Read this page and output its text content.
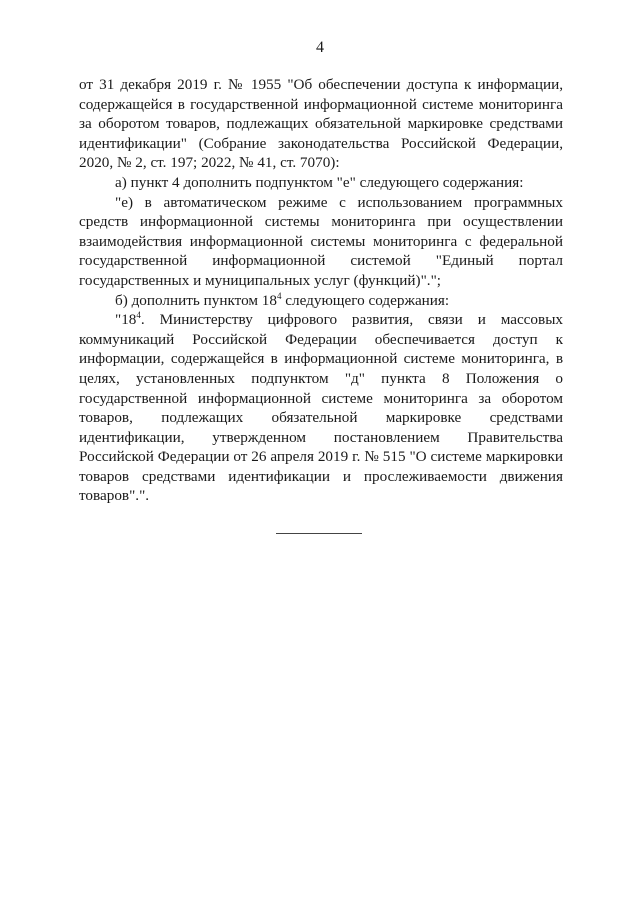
4

от 31 декабря 2019 г. № 1955 "Об обеспечении доступа к информации, содержащейся в государственной информационной системе мониторинга за оборотом товаров, подлежащих обязательной маркировке средствами идентификации" (Собрание законодательства Российской Федерации, 2020, № 2, ст. 197; 2022, № 41, ст. 7070):

а) пункт 4 дополнить подпунктом "е" следующего содержания:

"е) в автоматическом режиме с использованием программных средств информационной системы мониторинга при осуществлении взаимодействия информационной системы мониторинга с федеральной государственной информационной системой "Единый портал государственных и муниципальных услуг (функций)".";

б) дополнить пунктом $18^4$ следующего содержания:

"$18^4$. Министерству цифрового развития, связи и массовых коммуникаций Российской Федерации обеспечивается доступ к информации, содержащейся в информационной системе мониторинга, в целях, установленных подпунктом "д" пункта 8 Положения о государственной информационной системе мониторинга за оборотом товаров, подлежащих обязательной маркировке средствами идентификации, утвержденном постановлением Правительства Российской Федерации от 26 апреля 2019 г. № 515 "О системе маркировки товаров средствами идентификации и прослеживаемости движения товаров".".
